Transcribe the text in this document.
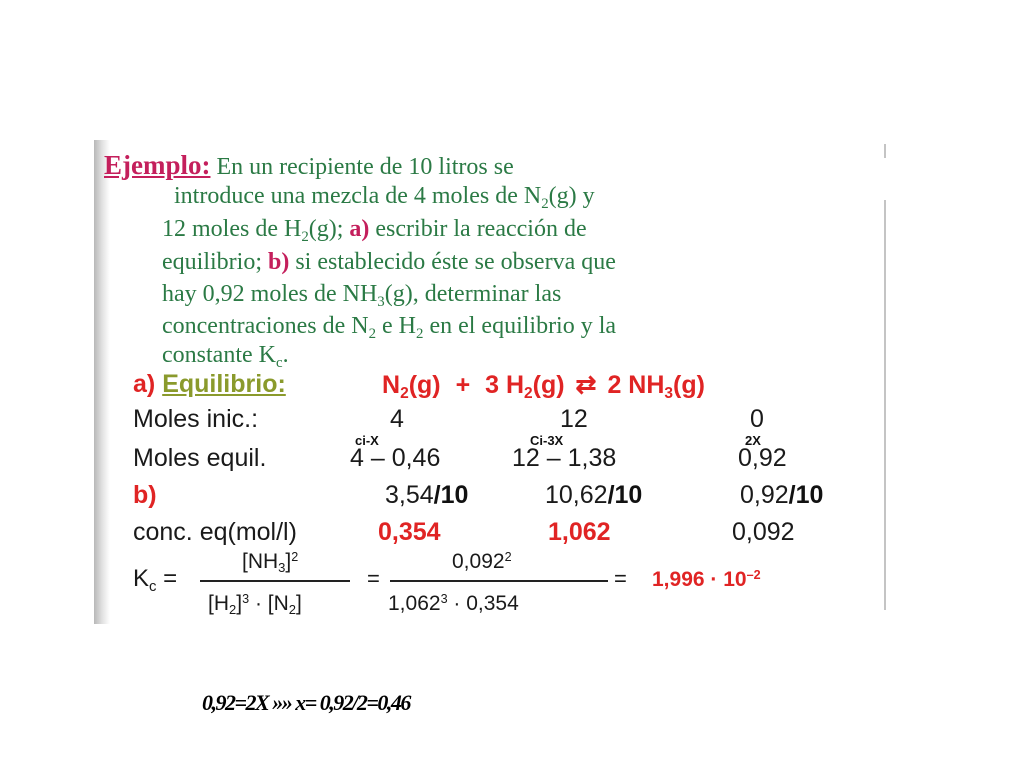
Ejemplo: En un recipiente de 10 litros se
introduce una mezcla de 4 moles de N2(g) y
12 moles de H2(g); a) escribir la reacción de
equilibrio; b) si establecido éste se observa que
hay 0,92 moles de NH3(g), determinar las
concentraciones de N2 e H2 en el equilibrio y la
constante Kc.
a) Equilibrio:	N2(g) + 3 H2(g) ⇄ 2 NH3(g)
Moles inic.:	4	12	0
ci-X	Ci-3X	2X
Moles equil.	4 – 0,46	12 – 1,38	0,92
b)	3,54/10	10,62/10	0,92/10
conc. eq(mol/l)	0,354	1,062	0,092
Kc =
$[NH3]^2$
$[H2]^3 \cdot [N2]$
=
$0,092^2$
$1,062^3 \cdot 0,354$
= $1,996 \cdot 10^{-2}$
0,92=2X »» x= 0,92/2=0,46
